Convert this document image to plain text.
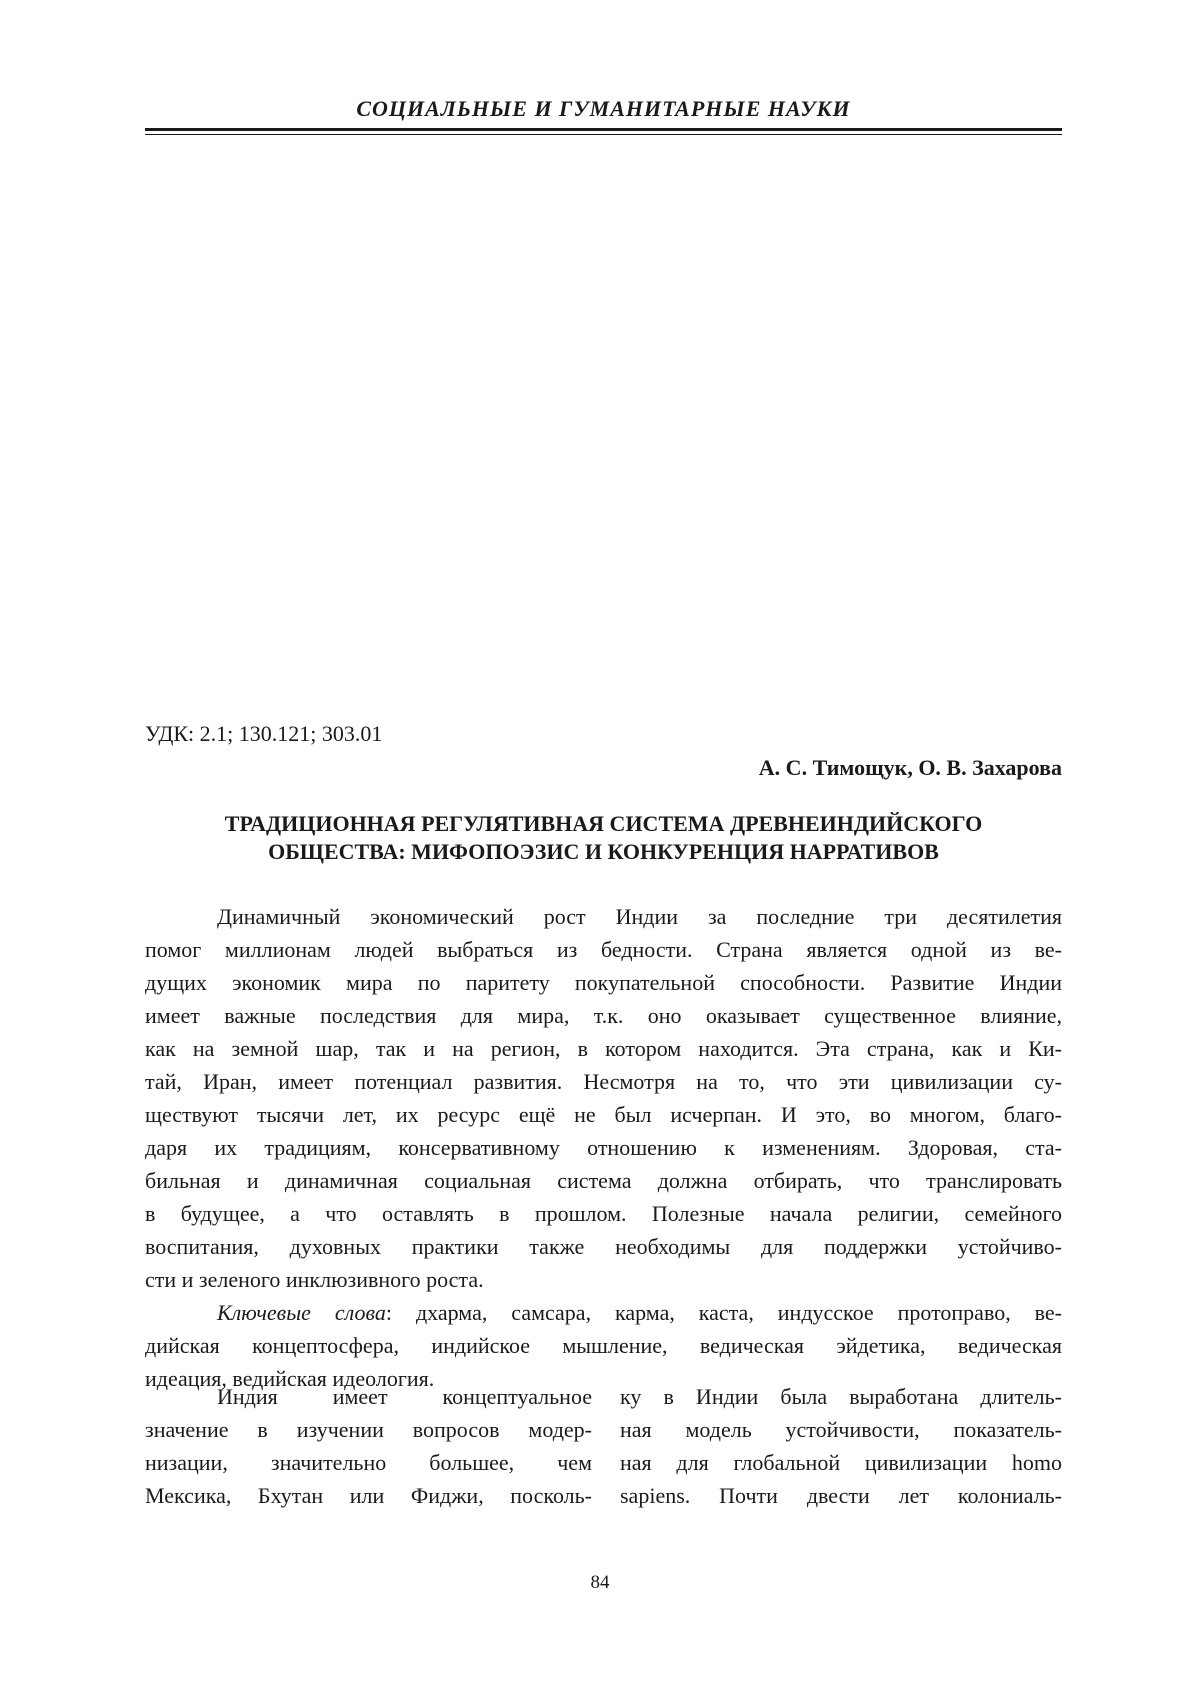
СОЦИАЛЬНЫЕ И ГУМАНИТАРНЫЕ НАУКИ
УДК: 2.1; 130.121; 303.01
А. С. Тимощук, О. В. Захарова
ТРАДИЦИОННАЯ РЕГУЛЯТИВНАЯ СИСТЕМА ДРЕВНЕИНДИЙСКОГО
ОБЩЕСТВА: МИФОПОЭЗИС И КОНКУРЕНЦИЯ НАРРАТИВОВ
Динамичный экономический рост Индии за последние три десятилетия
помог миллионам людей выбраться из бедности. Страна является одной из ве-
дущих экономик мира по паритету покупательной способности. Развитие Индии
имеет важные последствия для мира, т.к. оно оказывает существенное влияние,
как на земной шар, так и на регион, в котором находится. Эта страна, как и Ки-
тай, Иран, имеет потенциал развития. Несмотря на то, что эти цивилизации су-
ществуют тысячи лет, их ресурс ещё не был исчерпан. И это, во многом, благо-
даря их традициям, консервативному отношению к изменениям. Здоровая, ста-
бильная и динамичная социальная система должна отбирать, что транслировать
в будущее, а что оставлять в прошлом. Полезные начала религии, семейного
воспитания, духовных практики также необходимы для поддержки устойчиво-
сти и зеленого инклюзивного роста.
Ключевые слова: дхарма, самсара, карма, каста, индусское протоправо, ве-
дийская концептосфера, индийское мышление, ведическая эйдетика, ведическая
идеация, ведийская идеология.
Индия имеет концептуальное
значение в изучении вопросов модер-
низации, значительно большее, чем
Мексика, Бхутан или Фиджи, посколь-
ку в Индии была выработана длитель-
ная модель устойчивости, показатель-
ная для глобальной цивилизации homo
sapiens. Почти двести лет колониаль-
84
